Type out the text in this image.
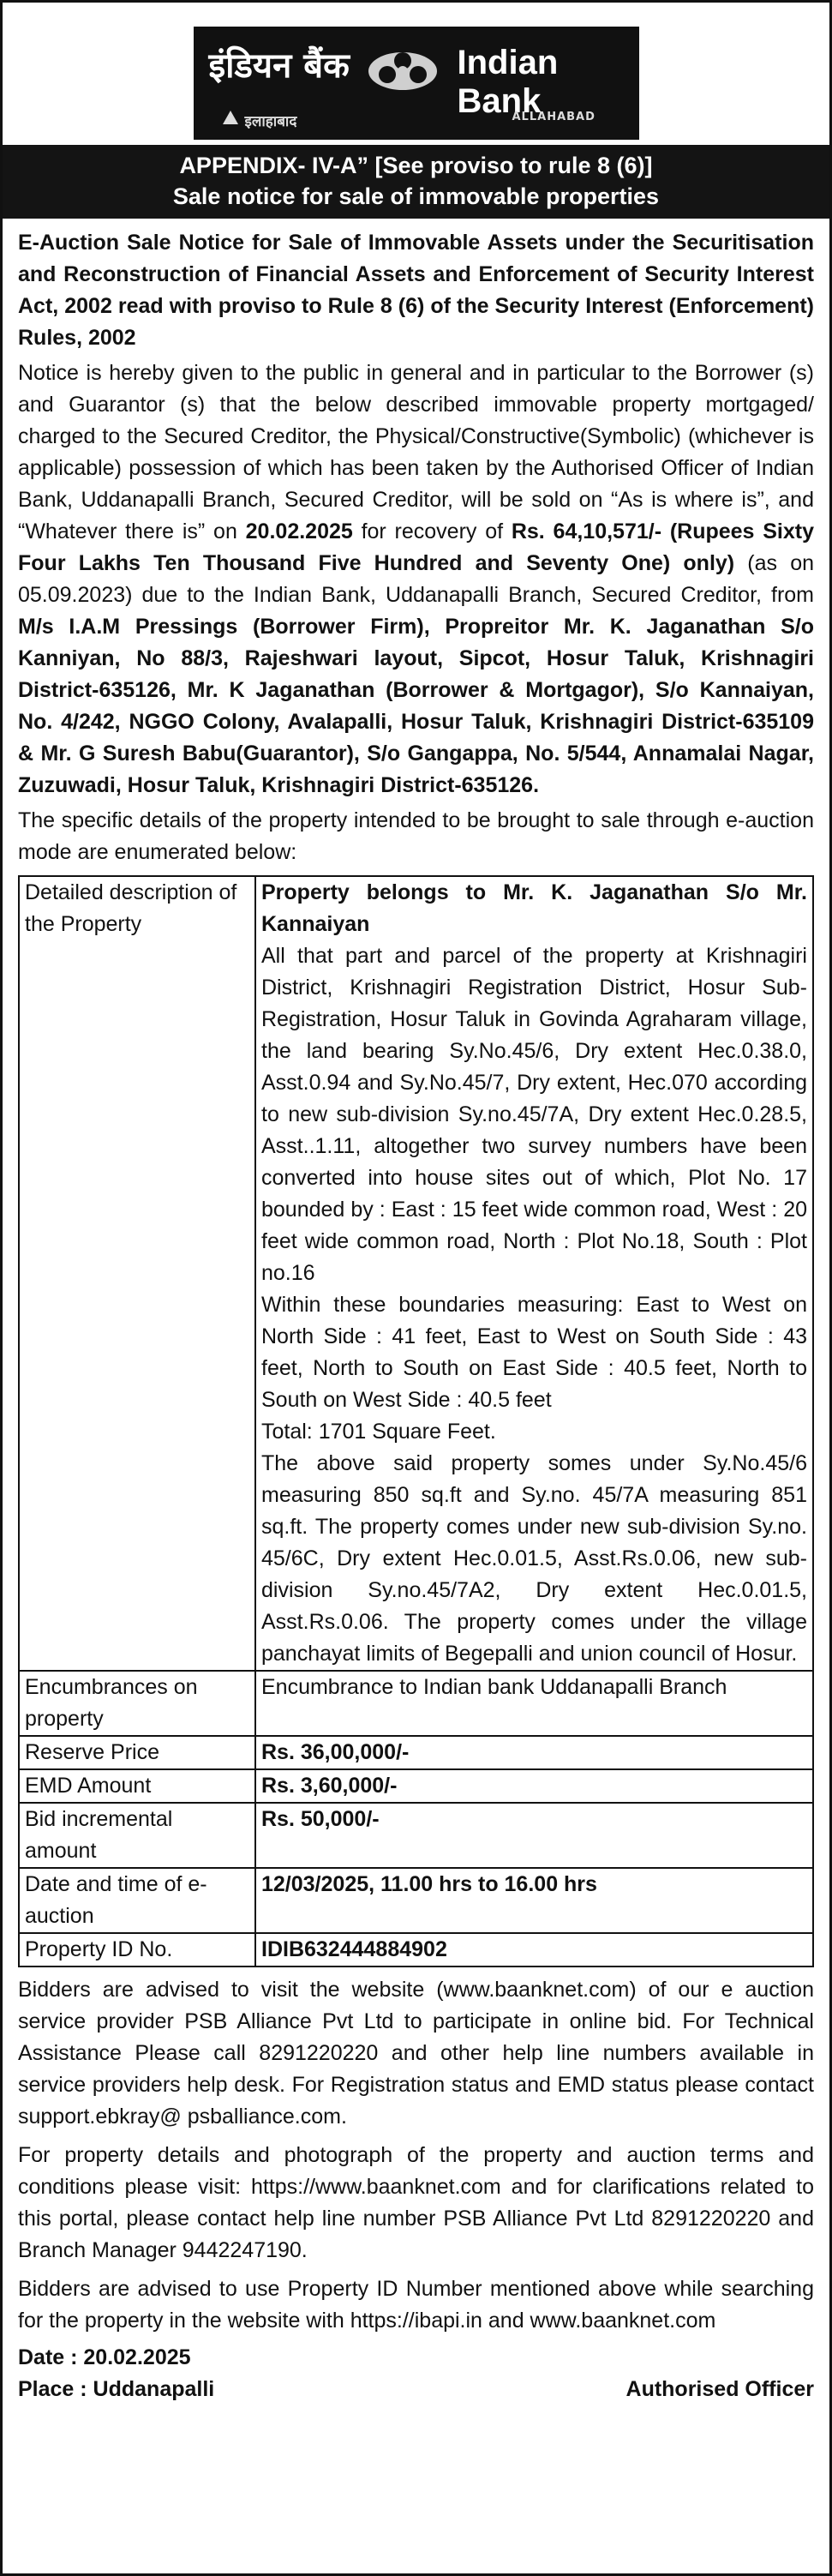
इंडियन बैंक	Indian Bank
इलाहाबाद	ALLAHABAD
APPENDIX- IV-A” [See proviso to rule 8 (6)]
Sale notice for sale of immovable properties
E-Auction Sale Notice for Sale of Immovable Assets under the Securitisation and Reconstruction of Financial Assets and Enforcement of Security Interest Act, 2002 read with proviso to Rule 8 (6) of the Security Interest (Enforcement) Rules, 2002

Notice is hereby given to the public in general and in particular to the Borrower (s) and Guarantor (s) that the below described immovable property mortgaged/ charged to the Secured Creditor, the Physical/Constructive(Symbolic) (whichever is applicable) possession of which has been taken by the Authorised Officer of Indian Bank, Uddanapalli Branch, Secured Creditor, will be sold on “As is where is”, and “Whatever there is” on 20.02.2025 for recovery of Rs. 64,10,571/- (Rupees Sixty Four Lakhs Ten Thousand Five Hundred and Seventy One) only) (as on 05.09.2023) due to the Indian Bank, Uddanapalli Branch, Secured Creditor, from M/s I.A.M Pressings (Borrower Firm), Propreitor Mr. K. Jaganathan S/o Kanniyan, No 88/3, Rajeshwari layout, Sipcot, Hosur Taluk, Krishnagiri District-635126, Mr. K Jaganathan (Borrower & Mortgagor), S/o Kannaiyan, No. 4/242, NGGO Colony, Avalapalli, Hosur Taluk, Krishnagiri District-635109 & Mr. G Suresh Babu(Guarantor), S/o Gangappa, No. 5/544, Annamalai Nagar, Zuzuwadi, Hosur Taluk, Krishnagiri District-635126.

The specific details of the property intended to be brought to sale through e-auction mode are enumerated below:

Detailed description of the Property	Property belongs to Mr. K. Jaganathan S/o Mr. Kannaiyan
All that part and parcel of the property at Krishnagiri District, Krishnagiri Registration District, Hosur Sub-Registration, Hosur Taluk in Govinda Agraharam village, the land bearing Sy.No.45/6, Dry extent Hec.0.38.0, Asst.0.94 and Sy.No.45/7, Dry extent, Hec.070 according to new sub-division Sy.no.45/7A, Dry extent Hec.0.28.5, Asst..1.11, altogether two survey numbers have been converted into house sites out of which, Plot No. 17 bounded by : East : 15 feet wide common road, West : 20 feet wide common road, North : Plot No.18, South : Plot no.16
Within these boundaries measuring: East to West on North Side : 41 feet, East to West on South Side : 43 feet, North to South on East Side : 40.5 feet, North to South on West Side : 40.5 feet
Total: 1701 Square Feet.
The above said property somes under Sy.No.45/6 measuring 850 sq.ft and Sy.no. 45/7A measuring 851 sq.ft. The property comes under new sub-division Sy.no. 45/6C, Dry extent Hec.0.01.5, Asst.Rs.0.06, new sub-division Sy.no.45/7A2, Dry extent Hec.0.01.5, Asst.Rs.0.06. The property comes under the village panchayat limits of Begepalli and union council of Hosur.

Encumbrances on property	Encumbrance to Indian bank Uddanapalli Branch
Reserve Price	Rs. 36,00,000/-
EMD Amount	Rs. 3,60,000/-
Bid incremental amount	Rs. 50,000/-
Date and time of e-auction	12/03/2025, 11.00 hrs to 16.00 hrs
Property ID No.	IDIB632444884902

Bidders are advised to visit the website (www.baanknet.com) of our e auction service provider PSB Alliance Pvt Ltd to participate in online bid. For Technical Assistance Please call 8291220220 and other help line numbers available in service providers help desk. For Registration status and EMD status please contact support.ebkray@ psballiance.com.

For property details and photograph of the property and auction terms and conditions please visit: https://www.baanknet.com and for clarifications related to this portal, please contact help line number PSB Alliance Pvt Ltd 8291220220 and Branch Manager 9442247190.

Bidders are advised to use Property ID Number mentioned above while searching for the property in the website with https://ibapi.in and www.baanknet.com

Date : 20.02.2025
Place : Uddanapalli	Authorised Officer
